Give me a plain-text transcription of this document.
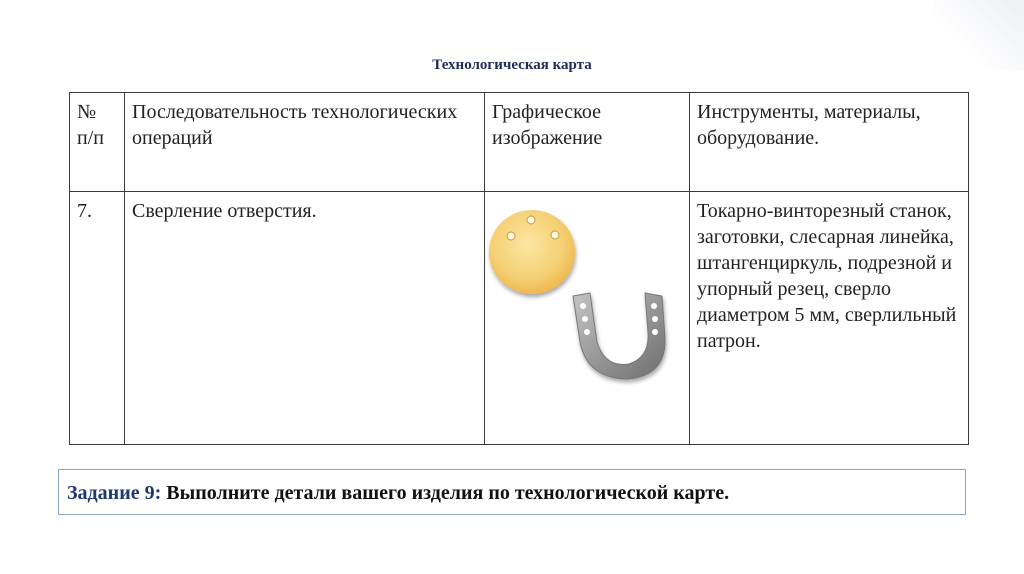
Технологическая карта
№ п/п	Последовательность технологических операций	Графическое изображение	Инструменты, материалы, оборудование.
7.	Сверление отверстия.		Токарно-винторезный станок, заготовки, слесарная линейка, штангенциркуль, подрезной и упорный резец, сверло диаметром 5 мм, сверлильный патрон.
Задание 9: Выполните детали вашего изделия по технологической карте.
